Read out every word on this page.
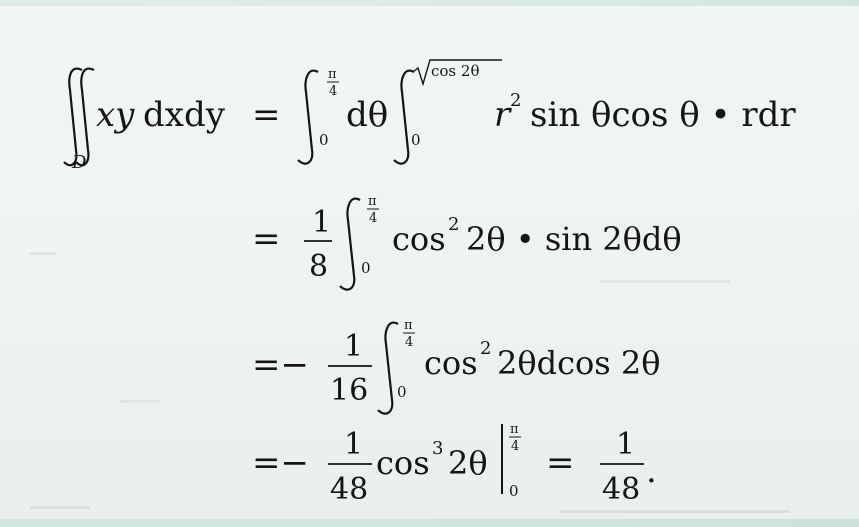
D
xy dxdy =
π
4
0
dθ
cos 2θ
0
r 2 sin θcos θ • rdr
= 1
8
π
4
0
cos 2 2θ • sin 2θdθ
=− 1
16
π
4
0
cos 2 2θdcos 2θ
=− 1
48
cos 3 2θ
π
4
0
= 1
48 .
